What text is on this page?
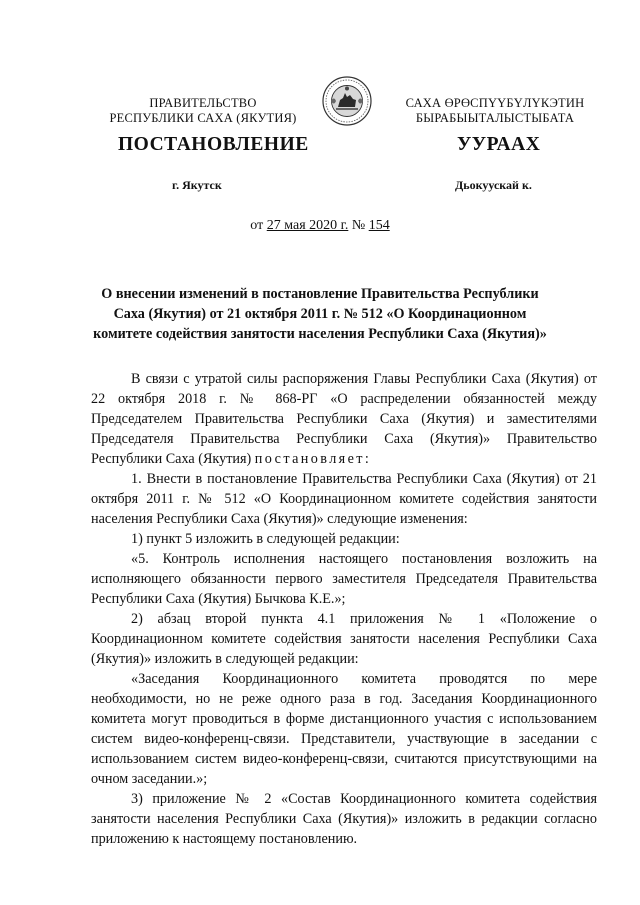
ПРАВИТЕЛЬСТВО
РЕСПУБЛИКИ САХА (ЯКУТИЯ)
САХА ӨРӨСПҮҮБҮЛҮКЭТИН
БЫРАБЫЫТАЛЫСТЫБАТА
ПОСТАНОВЛЕНИЕ	УУРААХ
г. Якутск	Дьокуускай к.
от 27 мая 2020 г. № 154
О внесении изменений в постановление Правительства Республики Саха (Якутия) от 21 октября 2011 г. № 512 «О Координационном комитете содействия занятости населения Республики Саха (Якутия)»

В связи с утратой силы распоряжения Главы Республики Саха (Якутия) от 22 октября 2018 г. № 868-РГ «О распределении обязанностей между Председателем Правительства Республики Саха (Якутия) и заместителями Председателя Правительства Республики Саха (Якутия)» Правительство Республики Саха (Якутия) постановляет:

1. Внести в постановление Правительства Республики Саха (Якутия) от 21 октября 2011 г. № 512 «О Координационном комитете содействия занятости населения Республики Саха (Якутия)» следующие изменения:

1) пункт 5 изложить в следующей редакции:

«5. Контроль исполнения настоящего постановления возложить на исполняющего обязанности первого заместителя Председателя Правительства Республики Саха (Якутия) Бычкова К.Е.»;

2) абзац второй пункта 4.1 приложения № 1 «Положение о Координационном комитете содействия занятости населения Республики Саха (Якутия)» изложить в следующей редакции:

«Заседания Координационного комитета проводятся по мере необходимости, но не реже одного раза в год. Заседания Координационного комитета могут проводиться в форме дистанционного участия с использованием систем видео-конференц-связи. Представители, участвующие в заседании с использованием систем видео-конференц-связи, считаются присутствующими на очном заседании.»;

3) приложение № 2 «Состав Координационного комитета содействия занятости населения Республики Саха (Якутия)» изложить в редакции согласно приложению к настоящему постановлению.
